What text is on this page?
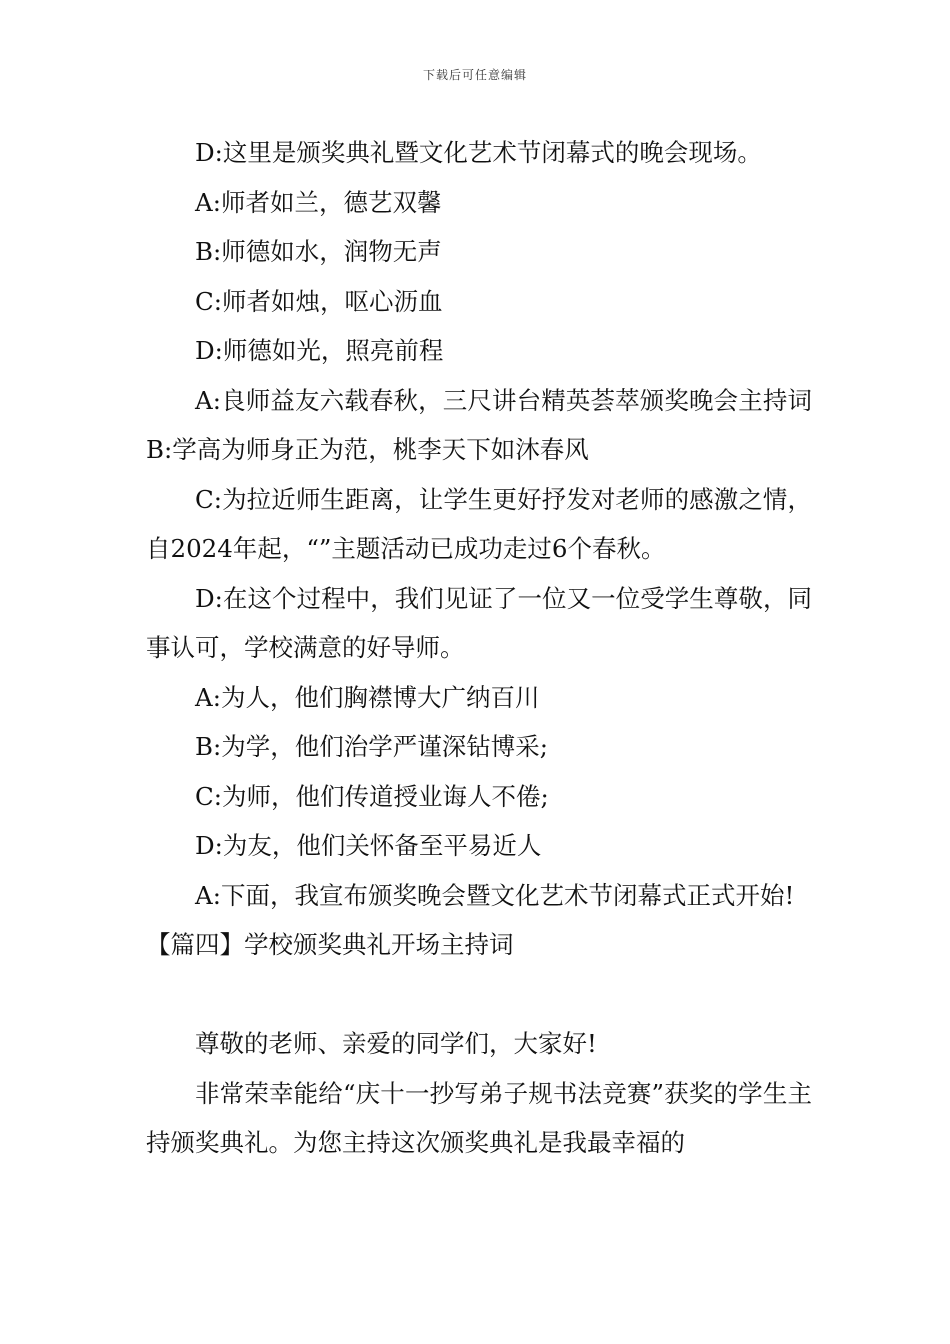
下载后可任意编辑

D:这里是颁奖典礼暨文化艺术节闭幕式的晚会现场。

A:师者如兰，德艺双馨

B:师德如水，润物无声

C:师者如烛，呕心沥血

D:师德如光，照亮前程

A:良师益友六载春秋，三尺讲台精英荟萃颁奖晚会主持词B:学高为师身正为范，桃李天下如沐春风

C:为拉近师生距离，让学生更好抒发对老师的感激之情，自2024年起，“”主题活动已成功走过6个春秋。

D:在这个过程中，我们见证了一位又一位受学生尊敬，同事认可，学校满意的好导师。

A:为人，他们胸襟博大广纳百川

B:为学，他们治学严谨深钻博采;

C:为师，他们传道授业诲人不倦;

D:为友，他们关怀备至平易近人

A:下面，我宣布颁奖晚会暨文化艺术节闭幕式正式开始!

【篇四】学校颁奖典礼开场主持词

尊敬的老师、亲爱的同学们，大家好!

非常荣幸能给“庆十一抄写弟子规书法竞赛”获奖的学生主持颁奖典礼。为您主持这次颁奖典礼是我最幸福的
